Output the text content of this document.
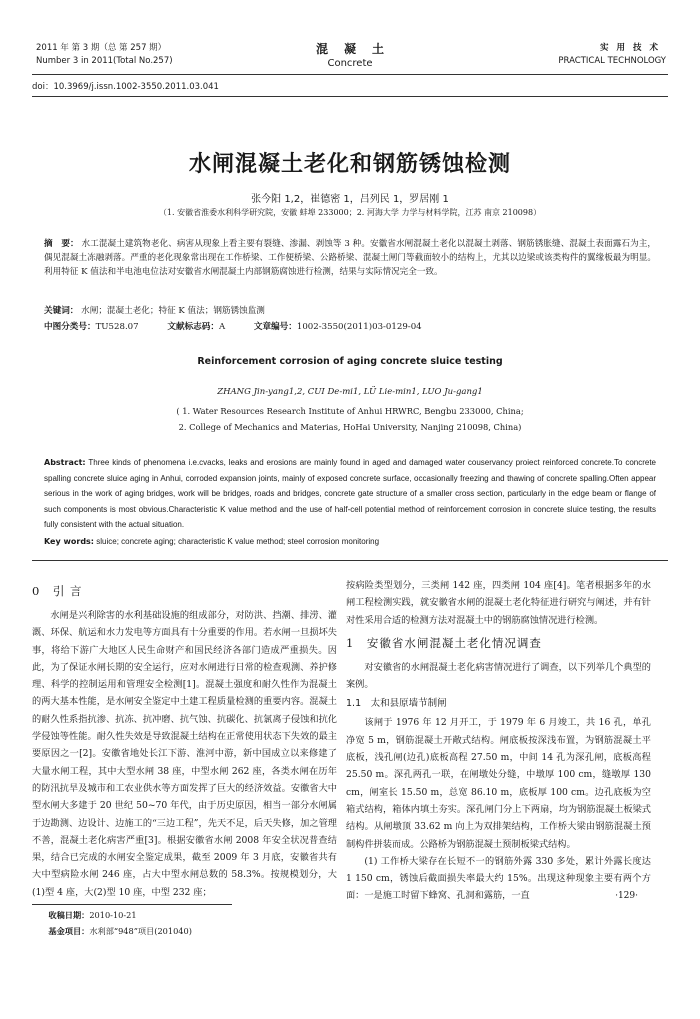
2011 年 第 3 期（总 第 257 期）
Number 3 in 2011(Total No.257)
混凝土
Concrete
实用技术
PRACTICAL TECHNOLOGY
doi：10.3969/j.issn.1002-3550.2011.03.041
水闸混凝土老化和钢筋锈蚀检测
张今阳 1,2，崔德密 1，吕列民 1，罗居刚 1
（1. 安徽省淮委水利科学研究院，安徽 蚌埠 233000；2. 河海大学 力学与材料学院，江苏 南京 210098）
摘　要： 水工混凝土建筑物老化、病害从现象上看主要有裂缝、渗漏、剥蚀等 3 种。安徽省水闸混凝土老化以混凝土剥落、钢筋锈胀缝、混凝土表面露石为主，偶见混凝土冻融剥落。严重的老化现象常出现在工作桥梁、工作便桥梁、公路桥梁、混凝土闸门等截面较小的结构上，尤其以边梁或该类构件的翼缘板最为明显。利用特征 K 值法和半电池电位法对安徽省水闸混凝土内部钢筋腐蚀进行检测，结果与实际情况完全一致。
关键词： 水闸；混凝土老化；特征 K 值法；钢筋锈蚀监测
中图分类号：TU528.07	文献标志码：A	文章编号：1002-3550(2011)03-0129-04
Reinforcement corrosion of aging concrete sluice testing
ZHANG Jin-yang1,2, CUI De-mi1, LÜ Lie-min1, LUO Ju-gang1
( 1. Water Resources Research Institute of Anhui HRWRC, Bengbu 233000, China;
2. College of Mechanics and Materias, HoHai University, Nanjing 210098, China)
Abstract: Three kinds of phenomena i.e.cvacks, leaks and erosions are mainly found in aged and damaged water couservancy proiect reinforced concrete.To concrete spalling concrete sluice aging in Anhui, corroded expansion joints, mainly of exposed concrete surface, occasionally freezing and thawing of concrete spalling.Often appear serious in the work of aging bridges, work will be bridges, roads and bridges, concrete gate structure of a smaller cross section, particularly in the edge beam or flange of such components is most obvious.Characteristic K value method and the use of half-cell potential method of reinforcement corrosion in concrete sluice testing, the results fully consistent with the actual situation.
Key words: sluice; concrete aging; characteristic K value method; steel corrosion monitoring
0　引 言

水闸是兴利除害的水利基础设施的组成部分，对防洪、挡潮、排涝、灌溉、环保、航运和水力发电等方面具有十分重要的作用。若水闸一旦损坏失事，将给下游广大地区人民生命财产和国民经济各部门造成严重损失。因此，为了保证水闸长期的安全运行，应对水闸进行日常的检查观测、养护修理、科学的控制运用和管理安全检测[1]。混凝土强度和耐久性作为混凝土的两大基本性能，是水闸安全鉴定中土建工程质量检测的重要内容。混凝土的耐久性系指抗渗、抗冻、抗冲磨、抗气蚀、抗碳化、抗氯离子侵蚀和抗化学侵蚀等性能。耐久性失效是导致混凝土结构在正常使用状态下失效的最主要原因之一[2]。安徽省地处长江下游、淮河中游，新中国成立以来修建了大量水闸工程，其中大型水闸 38 座，中型水闸 262 座，各类水闸在历年的防汛抗旱及城市和工农业供水等方面发挥了巨大的经济效益。安徽省大中型水闸大多建于 20 世纪 50~70 年代，由于历史原因，相当一部分水闸属于边勘测、边设计、边施工的“三边工程”，先天不足，后天失修，加之管理不善，混凝土老化病害严重[3]。根据安徽省水闸 2008 年安全状况普查结果，结合已完成的水闸安全鉴定成果，截至 2009 年 3 月底，安徽省共有大中型病险水闸 246 座，占大中型水闸总数的 58.3%。按规模划分，大(1)型 4 座，大(2)型 10 座，中型 232 座；

收稿日期：2010-10-21

基金项目：水利部“948”项目(201040)

按病险类型划分，三类闸 142 座，四类闸 104 座[4]。笔者根据多年的水闸工程检测实践，就安徽省水闸的混凝土老化特征进行研究与阐述，并有针对性采用合适的检测方法对混凝土中的钢筋腐蚀情况进行检测。

1　安徽省水闸混凝土老化情况调查

对安徽省的水闸混凝土老化病害情况进行了调查，以下列举几个典型的案例。

1.1　太和县原墙节制闸

该闸于 1976 年 12 月开工，于 1979 年 6 月竣工，共 16 孔，单孔净宽 5 m，钢筋混凝土开敞式结构。闸底板按深浅布置，为钢筋混凝土平底板，浅孔闸(边孔)底板高程 27.50 m，中间 14 孔为深孔闸，底板高程 25.50 m。深孔两孔一联，在闸墩处分缝，中墩厚 100 cm，缝墩厚 130 cm，闸室长 15.50 m，总宽 86.10 m，底板厚 100 cm。边孔底板为空箱式结构，箱体内填土夯实。深孔闸门分上下两扇，均为钢筋混凝土板梁式结构。从闸墩顶 33.62 m 向上为双排架结构，工作桥大梁由钢筋混凝土预制构件拼装而成。公路桥为钢筋混凝土预制板梁式结构。

(1) 工作桥大梁存在长短不一的钢筋外露 330 多处，累计外露长度达 1 150 cm，锈蚀后截面损失率最大约 15%。出现这种现象主要有两个方面：一是施工时留下蜂窝、孔洞和露筋，一直	·129·
